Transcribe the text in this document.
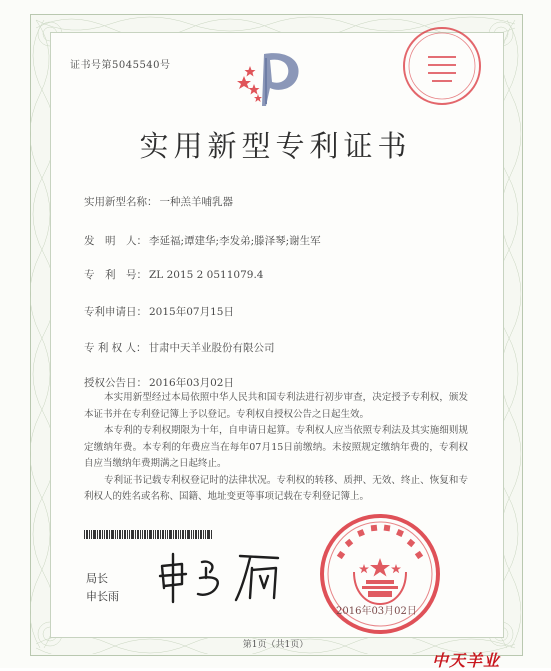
证书号第5045540号
实用新型专利证书
实用新型名称： 一种羔羊哺乳器
发　明　人： 李延福;谭建华;李发弟;滕泽琴;谢生军
专　利　号： ZL 2015 2 0511079.4
专利申请日： 2015年07月15日
专 利 权 人： 甘肃中天羊业股份有限公司
授权公告日： 2016年03月02日

本实用新型经过本局依照中华人民共和国专利法进行初步审查，决定授予专利权，颁发本证书并在专利登记簿上予以登记。专利权自授权公告之日起生效。

本专利的专利权期限为十年，自申请日起算。专利权人应当依照专利法及其实施细则规定缴纳年费。本专利的年费应当在每年07月15日前缴纳。未按照规定缴纳年费的，专利权自应当缴纳年费期满之日起终止。

专利证书记载专利权登记时的法律状况。专利权的转移、质押、无效、终止、恢复和专利权人的姓名或名称、国籍、地址变更等事项记载在专利登记簿上。

局长
申长雨
2016年03月02日
第1页（共1页）
中天羊业
